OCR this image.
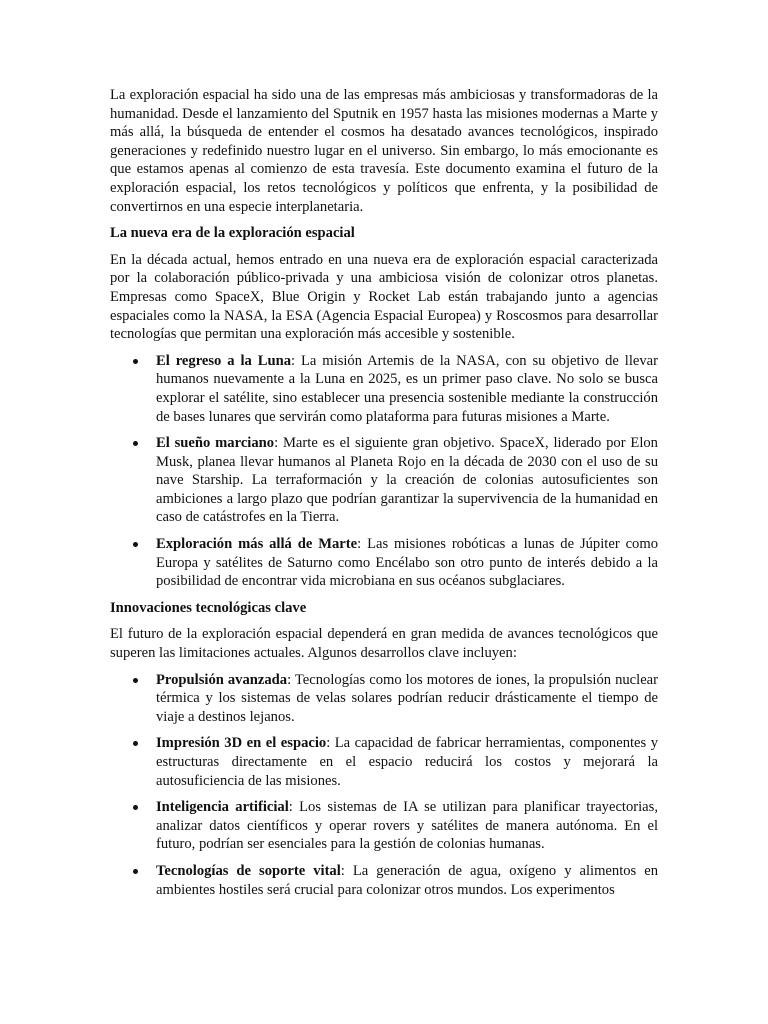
La exploración espacial ha sido una de las empresas más ambiciosas y transformadoras de la humanidad. Desde el lanzamiento del Sputnik en 1957 hasta las misiones modernas a Marte y más allá, la búsqueda de entender el cosmos ha desatado avances tecnológicos, inspirado generaciones y redefinido nuestro lugar en el universo. Sin embargo, lo más emocionante es que estamos apenas al comienzo de esta travesía. Este documento examina el futuro de la exploración espacial, los retos tecnológicos y políticos que enfrenta, y la posibilidad de convertirnos en una especie interplanetaria.

La nueva era de la exploración espacial

En la década actual, hemos entrado en una nueva era de exploración espacial caracterizada por la colaboración público-privada y una ambiciosa visión de colonizar otros planetas. Empresas como SpaceX, Blue Origin y Rocket Lab están trabajando junto a agencias espaciales como la NASA, la ESA (Agencia Espacial Europea) y Roscosmos para desarrollar tecnologías que permitan una exploración más accesible y sostenible.

El regreso a la Luna: La misión Artemis de la NASA, con su objetivo de llevar humanos nuevamente a la Luna en 2025, es un primer paso clave. No solo se busca explorar el satélite, sino establecer una presencia sostenible mediante la construcción de bases lunares que servirán como plataforma para futuras misiones a Marte.
El sueño marciano: Marte es el siguiente gran objetivo. SpaceX, liderado por Elon Musk, planea llevar humanos al Planeta Rojo en la década de 2030 con el uso de su nave Starship. La terraformación y la creación de colonias autosuficientes son ambiciones a largo plazo que podrían garantizar la supervivencia de la humanidad en caso de catástrofes en la Tierra.
Exploración más allá de Marte: Las misiones robóticas a lunas de Júpiter como Europa y satélites de Saturno como Encélabo son otro punto de interés debido a la posibilidad de encontrar vida microbiana en sus océanos subglaciares.
Innovaciones tecnológicas clave

El futuro de la exploración espacial dependerá en gran medida de avances tecnológicos que superen las limitaciones actuales. Algunos desarrollos clave incluyen:

Propulsión avanzada: Tecnologías como los motores de iones, la propulsión nuclear térmica y los sistemas de velas solares podrían reducir drásticamente el tiempo de viaje a destinos lejanos.
Impresión 3D en el espacio: La capacidad de fabricar herramientas, componentes y estructuras directamente en el espacio reducirá los costos y mejorará la autosuficiencia de las misiones.
Inteligencia artificial: Los sistemas de IA se utilizan para planificar trayectorias, analizar datos científicos y operar rovers y satélites de manera autónoma. En el futuro, podrían ser esenciales para la gestión de colonias humanas.
Tecnologías de soporte vital: La generación de agua, oxígeno y alimentos en ambientes hostiles será crucial para colonizar otros mundos. Los experimentos
